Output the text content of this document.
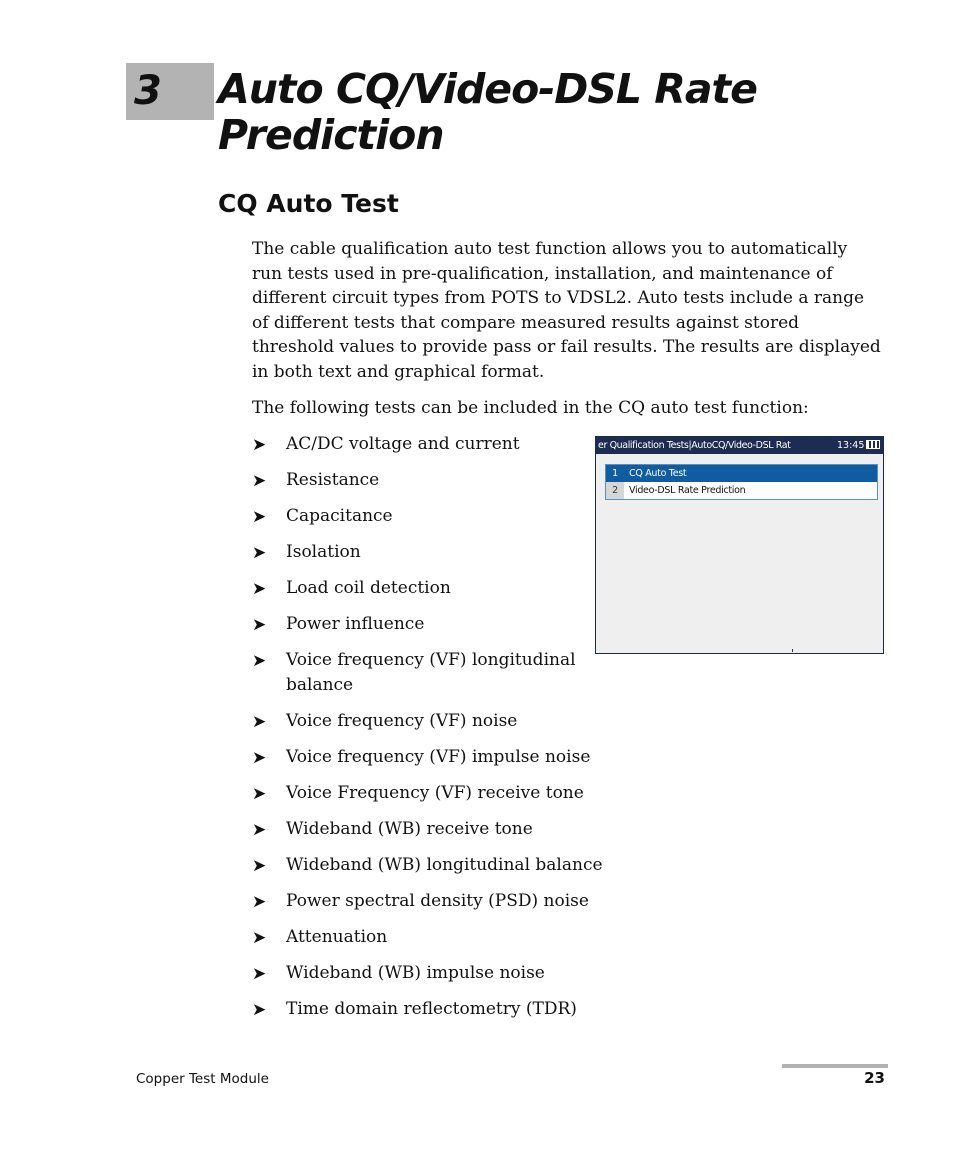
3 Auto CQ/Video-DSL Rate Prediction
CQ Auto Test

The cable qualification auto test function allows you to automatically run tests used in pre-qualification, installation, and maintenance of different circuit types from POTS to VDSL2. Auto tests include a range of different tests that compare measured results against stored threshold values to provide pass or fail results. The results are displayed in both text and graphical format.

The following tests can be included in the CQ auto test function:

➤ AC/DC voltage and current
➤ Resistance
➤ Capacitance
➤ Isolation
➤ Load coil detection
➤ Power influence
➤ Voice frequency (VF) longitudinal balance
➤ Voice frequency (VF) noise
➤ Voice frequency (VF) impulse noise
➤ Voice Frequency (VF) receive tone
➤ Wideband (WB) receive tone
➤ Wideband (WB) longitudinal balance
➤ Power spectral density (PSD) noise
➤ Attenuation
➤ Wideband (WB) impulse noise
➤ Time domain reflectometry (TDR)
er Qualification Tests|AutoCQ/Video-DSL Rat	13:45
1	CQ Auto Test
2	Video-DSL Rate Prediction
Copper Test Module	23
